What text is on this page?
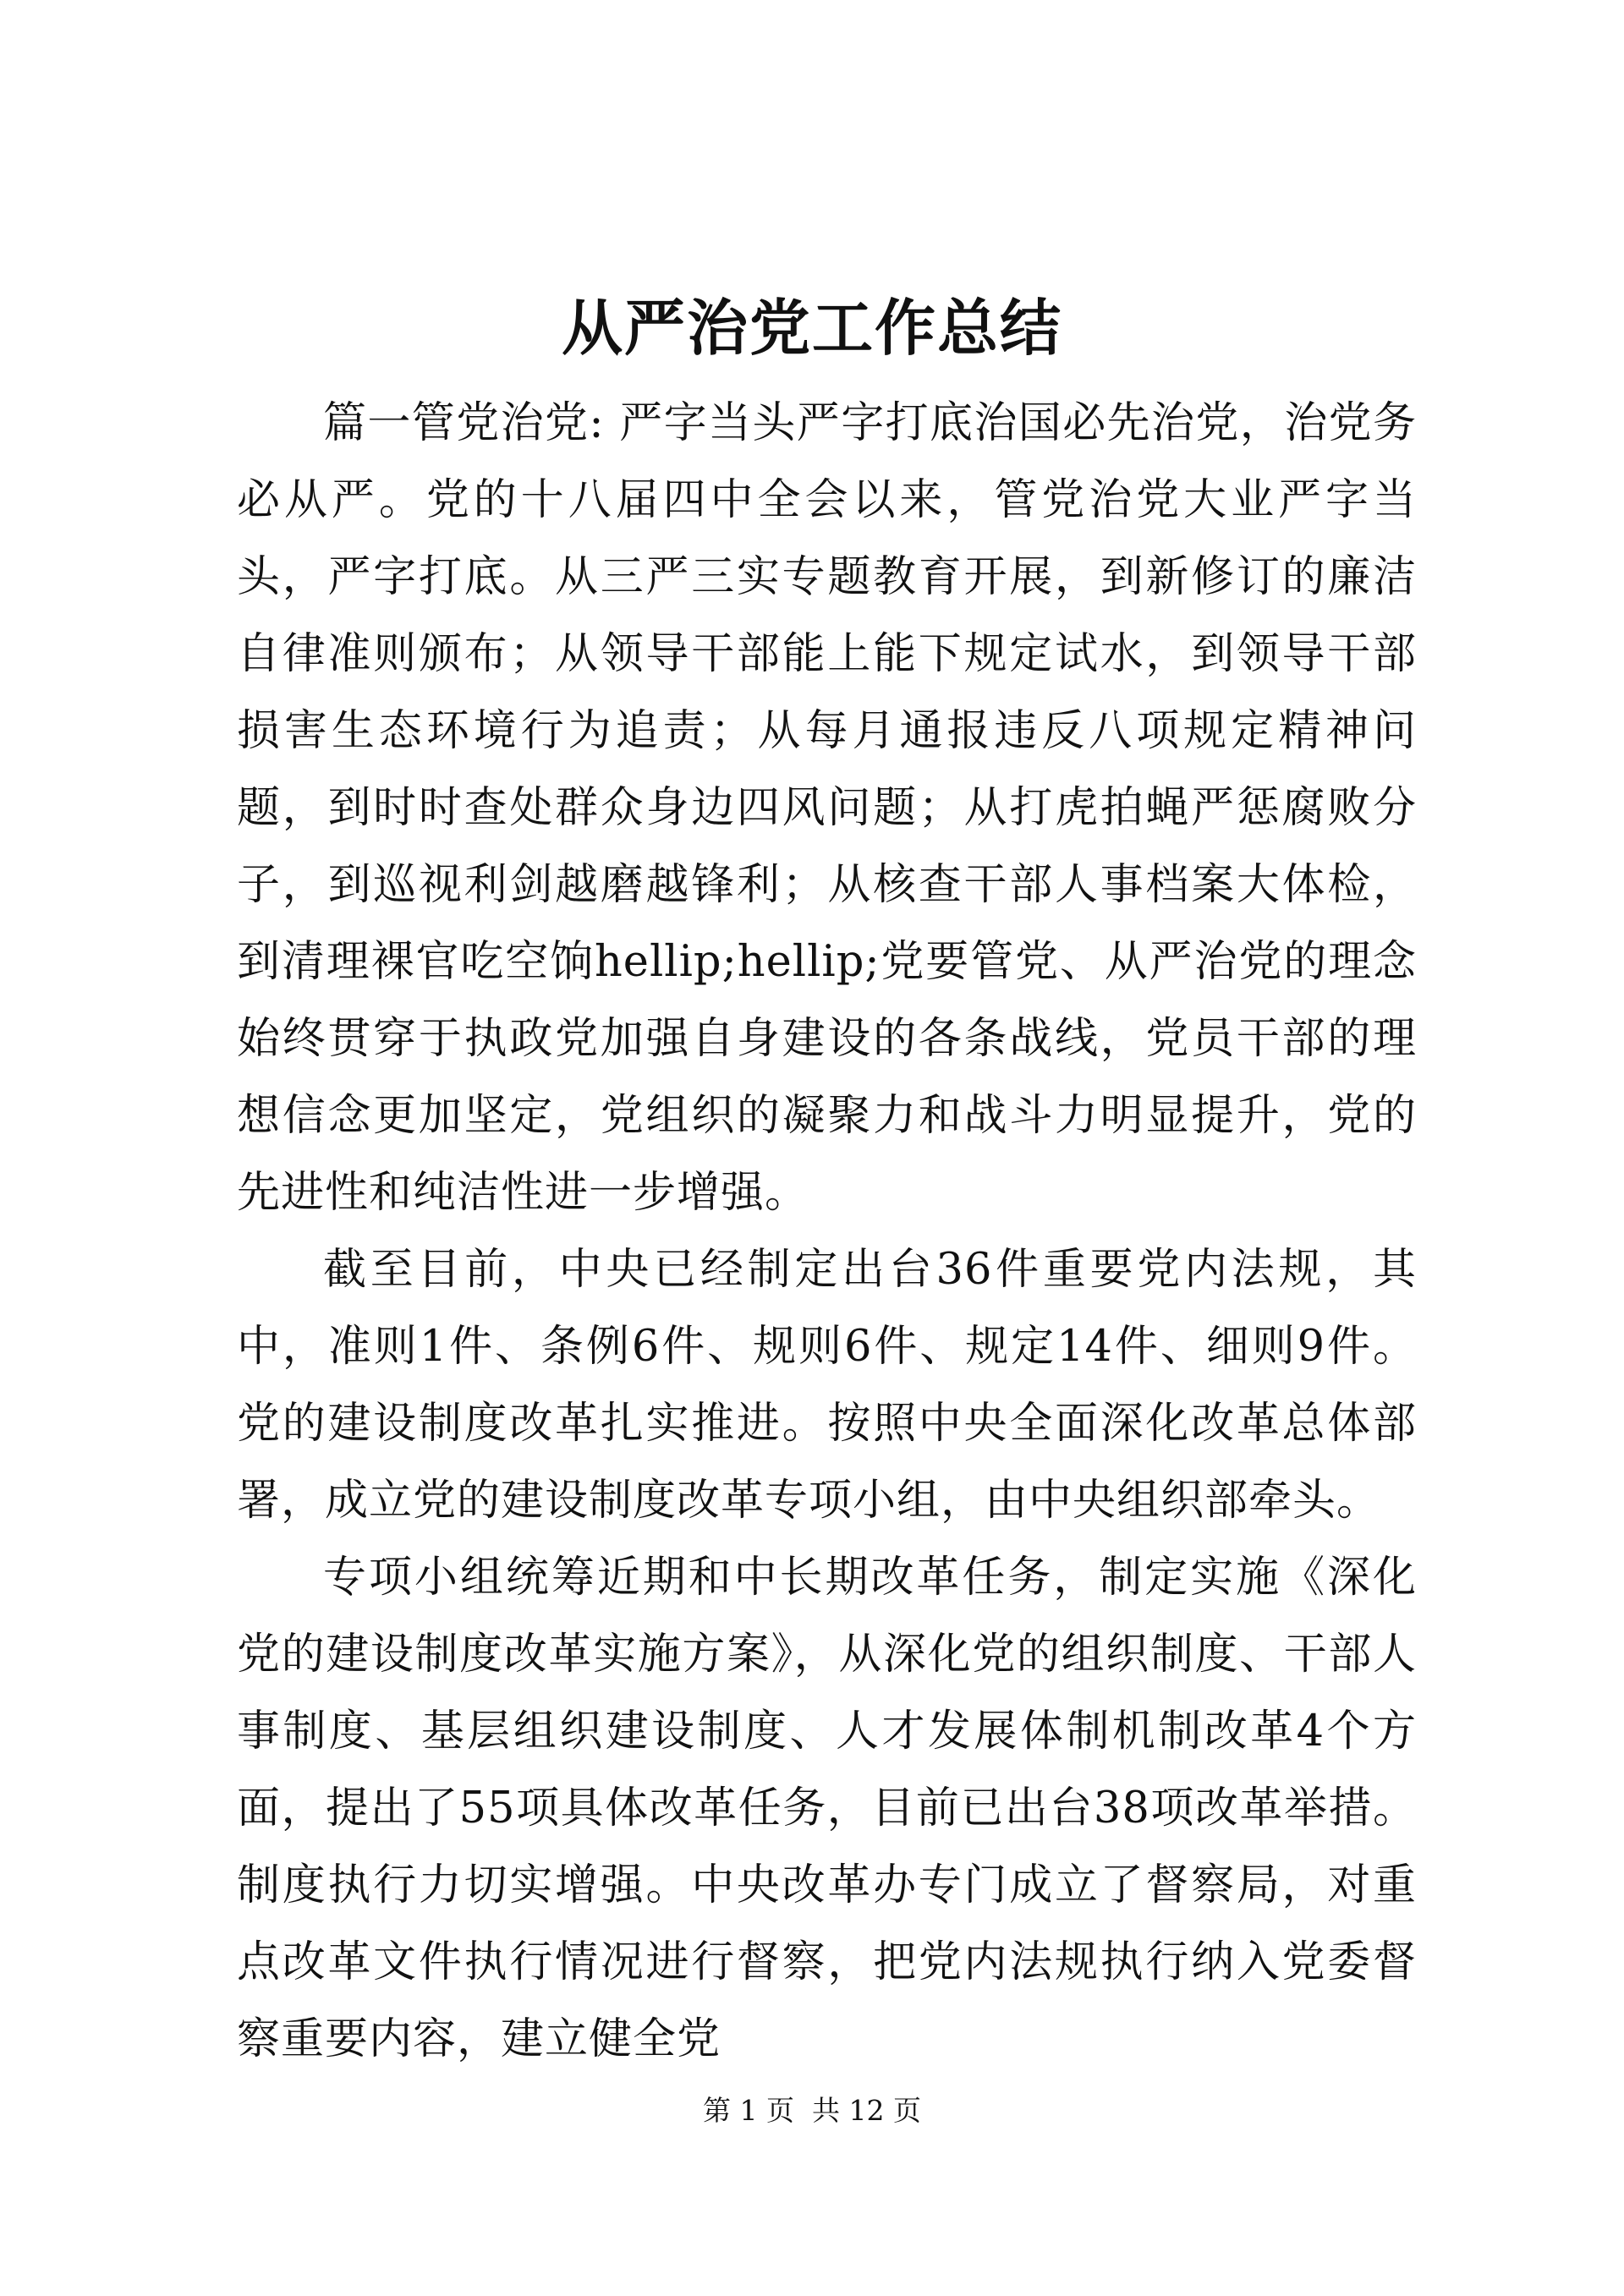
从严治党工作总结

篇一管党治党: 严字当头严字打底治国必先治党，治党务必从严。党的十八届四中全会以来，管党治党大业严字当头，严字打底。从三严三实专题教育开展，到新修订的廉洁自律准则颁布；从领导干部能上能下规定试水，到领导干部损害生态环境行为追责；从每月通报违反八项规定精神问题，到时时查处群众身边四风问题；从打虎拍蝇严惩腐败分子，到巡视利剑越磨越锋利；从核查干部人事档案大体检，到清理裸官吃空饷hellip;hellip;党要管党、从严治党的理念始终贯穿于执政党加强自身建设的各条战线，党员干部的理想信念更加坚定，党组织的凝聚力和战斗力明显提升，党的先进性和纯洁性进一步增强。

截至目前，中央已经制定出台36件重要党内法规，其中，准则1件、条例6件、规则6件、规定14件、细则9件。党的建设制度改革扎实推进。按照中央全面深化改革总体部署，成立党的建设制度改革专项小组，由中央组织部牵头。

专项小组统筹近期和中长期改革任务，制定实施《深化党的建设制度改革实施方案》，从深化党的组织制度、干部人事制度、基层组织建设制度、人才发展体制机制改革4个方面，提出了55项具体改革任务，目前已出台38项改革举措。制度执行力切实增强。中央改革办专门成立了督察局，对重点改革文件执行情况进行督察，把党内法规执行纳入党委督察重要内容，建立健全党

第 1 页  共 12 页
